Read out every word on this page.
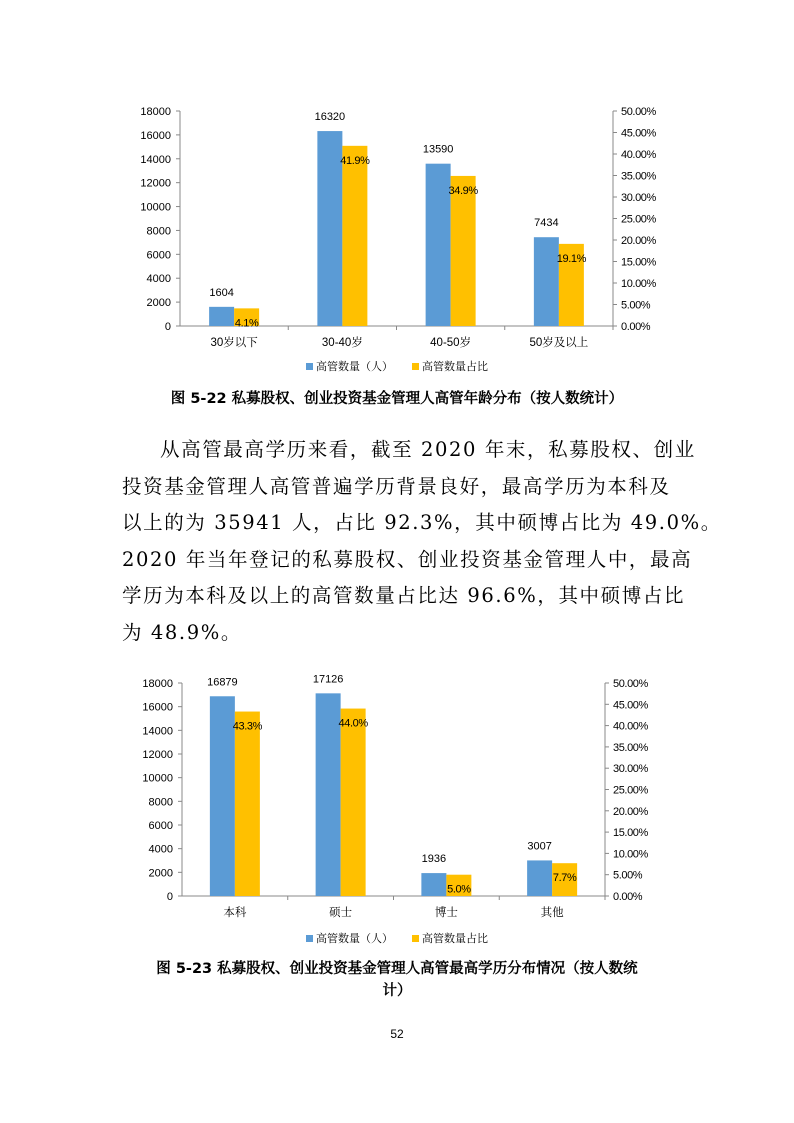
0
2000
4000
6000
8000
10000
12000
14000
16000
18000
0.00%
5.00%
10.00%
15.00%
20.00%
25.00%
30.00%
35.00%
40.00%
45.00%
50.00%
1604
4.1%
30岁以下
16320
41.9%
30-40岁
13590
34.9%
40-50岁
7434
19.1%
50岁及以上
高管数量（人）	高管数量占比
图 5-22 私募股权、创业投资基金管理人高管年龄分布（按人数统计）
从高管最高学历来看，截至 2020 年末，私募股权、创业
投资基金管理人高管普遍学历背景良好，最高学历为本科及
以上的为 35941 人，占比 92.3%，其中硕博占比为 49.0%。
2020 年当年登记的私募股权、创业投资基金管理人中，最高
学历为本科及以上的高管数量占比达 96.6%，其中硕博占比
为 48.9%。
0
2000
4000
6000
8000
10000
12000
14000
16000
18000
0.00%
5.00%
10.00%
15.00%
20.00%
25.00%
30.00%
35.00%
40.00%
45.00%
50.00%
16879
43.3%
本科
17126
44.0%
硕士
1936
5.0%
博士
3007
7.7%
其他
高管数量（人）	高管数量占比
图 5-23 私募股权、创业投资基金管理人高管最高学历分布情况（按人数统
计）
52
